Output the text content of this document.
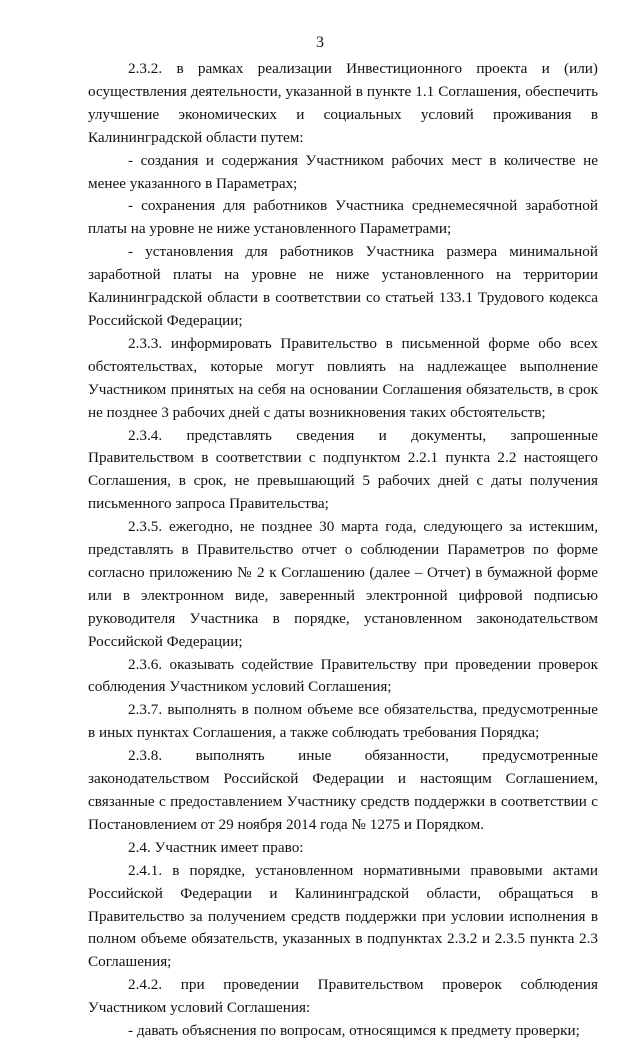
3

2.3.2. в рамках реализации Инвестиционного проекта и (или) осуществления деятельности, указанной в пункте 1.1 Соглашения, обеспечить улучшение экономических и социальных условий проживания в Калининградской области путем:

- создания и содержания Участником рабочих мест в количестве не менее указанного в Параметрах;

- сохранения для работников Участника среднемесячной заработной платы на уровне не ниже установленного Параметрами;

- установления для работников Участника размера минимальной заработной платы на уровне не ниже установленного на территории Калининградской области в соответствии со статьей 133.1 Трудового кодекса Российской Федерации;

2.3.3. информировать Правительство в письменной форме обо всех обстоятельствах, которые могут повлиять на надлежащее выполнение Участником принятых на себя на основании Соглашения обязательств, в срок не позднее 3 рабочих дней с даты возникновения таких обстоятельств;

2.3.4. представлять сведения и документы, запрошенные Правительством в соответствии с подпунктом 2.2.1 пункта 2.2 настоящего Соглашения, в срок, не превышающий 5 рабочих дней с даты получения письменного запроса Правительства;

2.3.5. ежегодно, не позднее 30 марта года, следующего за истекшим, представлять в Правительство отчет о соблюдении Параметров по форме согласно приложению № 2 к Соглашению (далее – Отчет) в бумажной форме или в электронном виде, заверенный электронной цифровой подписью руководителя Участника в порядке, установленном законодательством Российской Федерации;

2.3.6. оказывать содействие Правительству при проведении проверок соблюдения Участником условий Соглашения;

2.3.7. выполнять в полном объеме все обязательства, предусмотренные в иных пунктах Соглашения, а также соблюдать требования Порядка;

2.3.8. выполнять иные обязанности, предусмотренные законодательством Российской Федерации и настоящим Соглашением, связанные с предоставлением Участнику средств поддержки в соответствии с Постановлением от 29 ноября 2014 года № 1275 и Порядком.

2.4. Участник имеет право:

2.4.1. в порядке, установленном нормативными правовыми актами Российской Федерации и Калининградской области, обращаться в Правительство за получением средств поддержки при условии исполнения в полном объеме обязательств, указанных в подпунктах 2.3.2 и 2.3.5 пункта 2.3 Соглашения;

2.4.2. при проведении Правительством проверок соблюдения Участником условий Соглашения:

- давать объяснения по вопросам, относящимся к предмету проверки;
